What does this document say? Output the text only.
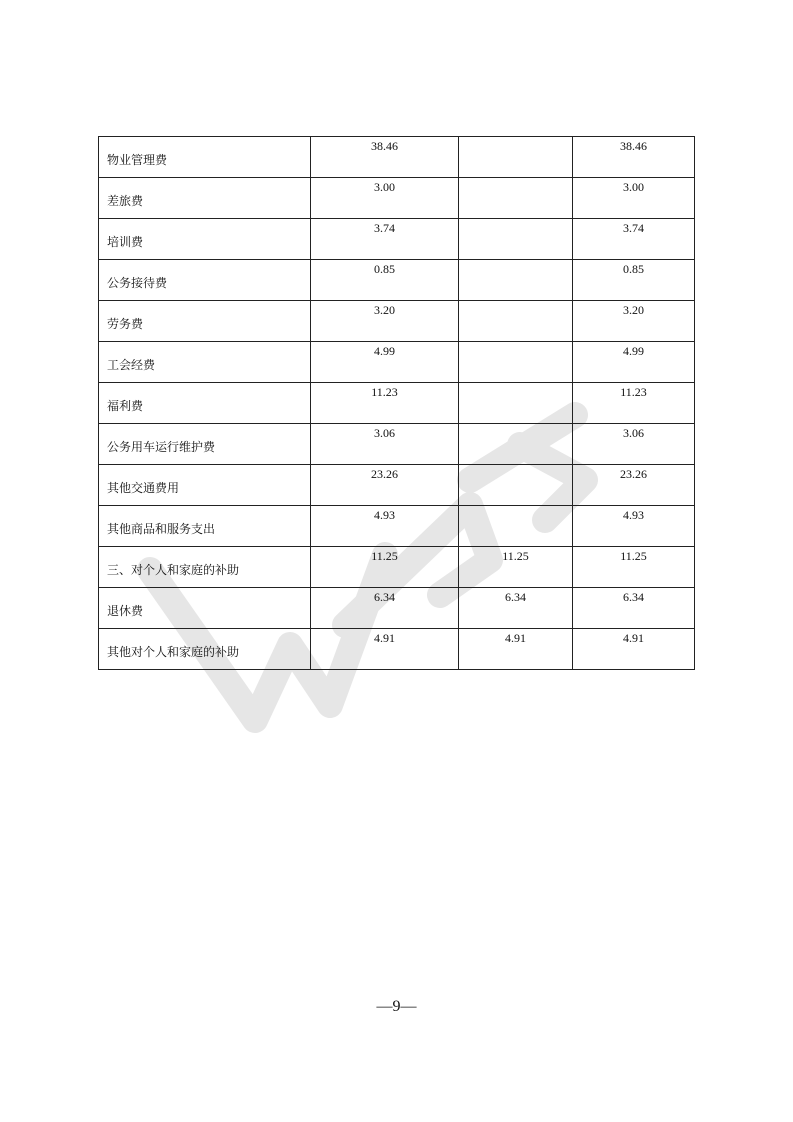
物业管理费	38.46		38.46

差旅费	3.00		3.00

培训费	3.74		3.74

公务接待费	0.85		0.85

劳务费	3.20		3.20

工会经费	4.99		4.99

福利费	11.23		11.23

公务用车运行维护费	3.06		3.06

其他交通费用	23.26		23.26

其他商品和服务支出	4.93		4.93

三、对个人和家庭的补助	11.25	11.25	11.25

退休费	6.34	6.34	6.34

其他对个人和家庭的补助	4.91	4.91	4.91
—9—
